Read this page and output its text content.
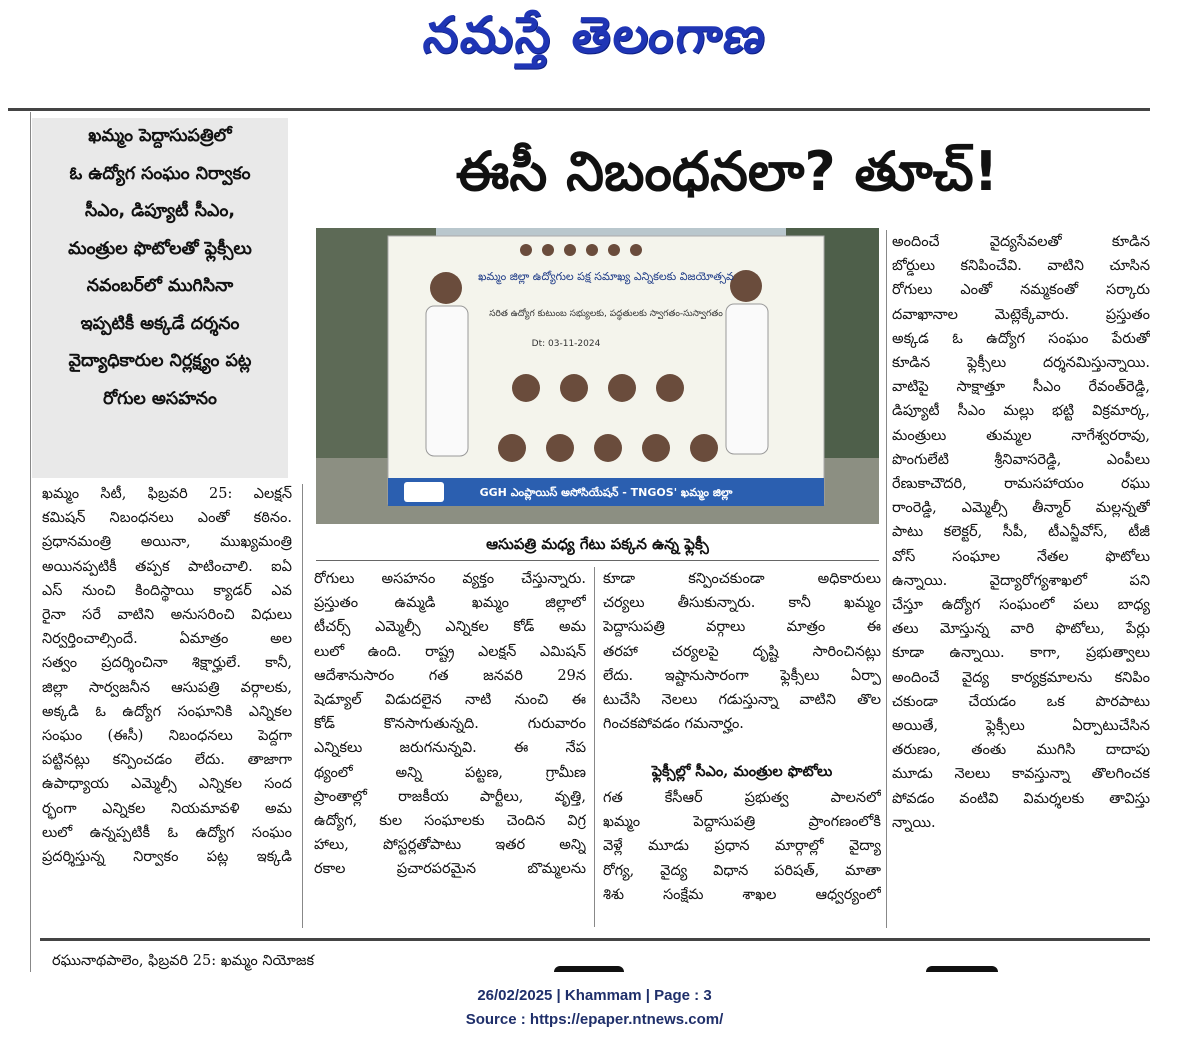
నమస్తే తెలంగాణ

ఖమ్మం పెద్దాసుపత్రిలో

ఓ ఉద్యోగ సంఘం నిర్వాకం

సీఎం, డిప్యూటీ సీఎం,

మంత్రుల ఫొటోలతో ఫ్లెక్సీలు

నవంబర్‌లో ముగిసినా

ఇప్పటికీ అక్కడే దర్శనం

వైద్యాధికారుల నిర్లక్ష్యం పట్ల

రోగుల అసహనం

ఈసీ నిబంధనలా? తూచ్!
ఖమ్మం జిల్లా ఉద్యోగుల పక్ష సమాఖ్య ఎన్నికలకు విజయోత్సవ
సరిత ఉద్యోగ కుటుంబ సభ్యులకు, పద్ధతులకు స్వాగతం-సుస్వాగతం
Dt: 03-11-2024
GGH ఎంప్లాయిస్ అసోసియేషన్ - TNGOS' ఖమ్మం జిల్లా
ఆసుపత్రి మధ్య గేటు పక్కన ఉన్న ఫ్లెక్సీ
ఖమ్మం సిటీ, ఫిబ్రవరి 25: ఎలక్షన్
కమిషన్ నిబంధనలు ఎంతో కఠినం.
ప్రధానమంత్రి అయినా, ముఖ్యమంత్రి
అయినప్పటికీ తప్పక పాటించాలి. ఐఏ
ఎస్ నుంచి కిందిస్థాయి క్యాడర్ ఎవ
రైనా సరే వాటిని అనుసరించి విధులు
నిర్వర్తించాల్సిందే. ఏమాత్రం అల
సత్వం ప్రదర్శించినా శిక్షార్హులే. కానీ,
జిల్లా సార్వజనీన ఆసుపత్రి వర్గాలకు,
అక్కడి ఓ ఉద్యోగ సంఘానికి ఎన్నికల
సంఘం (ఈసీ) నిబంధనలు పెద్దగా
పట్టినట్లు కన్పించడం లేదు. తాజాగా
ఉపాధ్యాయ ఎమ్మెల్సీ ఎన్నికల సంద
ర్భంగా ఎన్నికల నియమావళి అమ
లులో ఉన్నప్పటికీ ఓ ఉద్యోగ సంఘం
ప్రదర్శిస్తున్న నిర్వాకం పట్ల ఇక్కడి
రోగులు అసహనం వ్యక్తం చేస్తున్నారు.
ప్రస్తుతం ఉమ్మడి ఖమ్మం జిల్లాలో
టీచర్స్ ఎమ్మెల్సీ ఎన్నికల కోడ్ అమ
లులో ఉంది. రాష్ట్ర ఎలక్షన్ ఎమిషన్
ఆదేశానుసారం గత జనవరి 29న
షెడ్యూల్ విడుదలైన నాటి నుంచి ఈ
కోడ్ కొనసాగుతున్నది. గురువారం
ఎన్నికలు జరుగనున్నవి. ఈ నేప
థ్యంలో అన్ని పట్టణ, గ్రామీణ
ప్రాంతాల్లో రాజకీయ పార్టీలు, వృత్తి,
ఉద్యోగ, కుల సంఘాలకు చెందిన విగ్ర
హాలు, పోస్టర్లతోపాటు ఇతర అన్ని
రకాల ప్రచారపరమైన బొమ్మలను
కూడా కన్పించకుండా అధికారులు
చర్యలు తీసుకున్నారు. కానీ ఖమ్మం
పెద్దాసుపత్రి వర్గాలు మాత్రం ఈ
తరహా చర్యలపై దృష్టి సారించినట్లు
లేదు. ఇష్టానుసారంగా ఫ్లెక్సీలు ఏర్పా
టుచేసి నెలలు గడుస్తున్నా వాటిని తొల
గించకపోవడం గమనార్హం.
ఫ్లెక్సీల్లో సీఎం, మంత్రుల ఫొటోలు
గత కేసీఆర్ ప్రభుత్వ పాలనలో
ఖమ్మం పెద్దాసుపత్రి ప్రాంగణంలోకి
వెళ్లే మూడు ప్రధాన మార్గాల్లో వైద్యా
రోగ్య, వైద్య విధాన పరిషత్, మాతా
శిశు సంక్షేమ శాఖల ఆధ్వర్యంలో
అందించే వైద్యసేవలతో కూడిన
బోర్డులు కనిపించేవి. వాటిని చూసిన
రోగులు ఎంతో నమ్మకంతో సర్కారు
దవాఖానాల మెట్లెక్కేవారు. ప్రస్తుతం
అక్కడ ఓ ఉద్యోగ సంఘం పేరుతో
కూడిన ఫ్లెక్సీలు దర్శనమిస్తున్నాయి.
వాటిపై సాక్షాత్తూ సీఎం రేవంత్‌రెడ్డి,
డిప్యూటీ సీఎం మల్లు భట్టి విక్రమార్క,
మంత్రులు తుమ్మల నాగేశ్వరరావు,
పొంగులేటి శ్రీనివాసరెడ్డి, ఎంపీలు
రేణుకాచౌదరి, రామసహాయం రఘు
రాంరెడ్డి, ఎమ్మెల్సీ తీన్మార్ మల్లన్నతో
పాటు కలెక్టర్, సీపీ, టీఎన్జీవోస్, టీజీ
వోస్ సంఘాల నేతల ఫొటోలు
ఉన్నాయి. వైద్యారోగ్యశాఖలో పని
చేస్తూ ఉద్యోగ సంఘంలో పలు బాధ్య
తలు మోస్తున్న వారి ఫొటోలు, పేర్లు
కూడా ఉన్నాయి. కాగా, ప్రభుత్వాలు
అందించే వైద్య కార్యక్రమాలను కనిపిం
చకుండా చేయడం ఒక పొరపాటు
అయితే, ఫ్లెక్సీలు ఏర్పాటుచేసిన
తరుణం, తంతు ముగిసి దాదాపు
మూడు నెలలు కావస్తున్నా తొలగించక
పోవడం వంటివి విమర్శలకు తావిస్తు
న్నాయి.
రఘునాథపాలెం, ఫిబ్రవరి 25: ఖమ్మం నియోజక
26/02/2025 | Khammam | Page : 3
Source : https://epaper.ntnews.com/
